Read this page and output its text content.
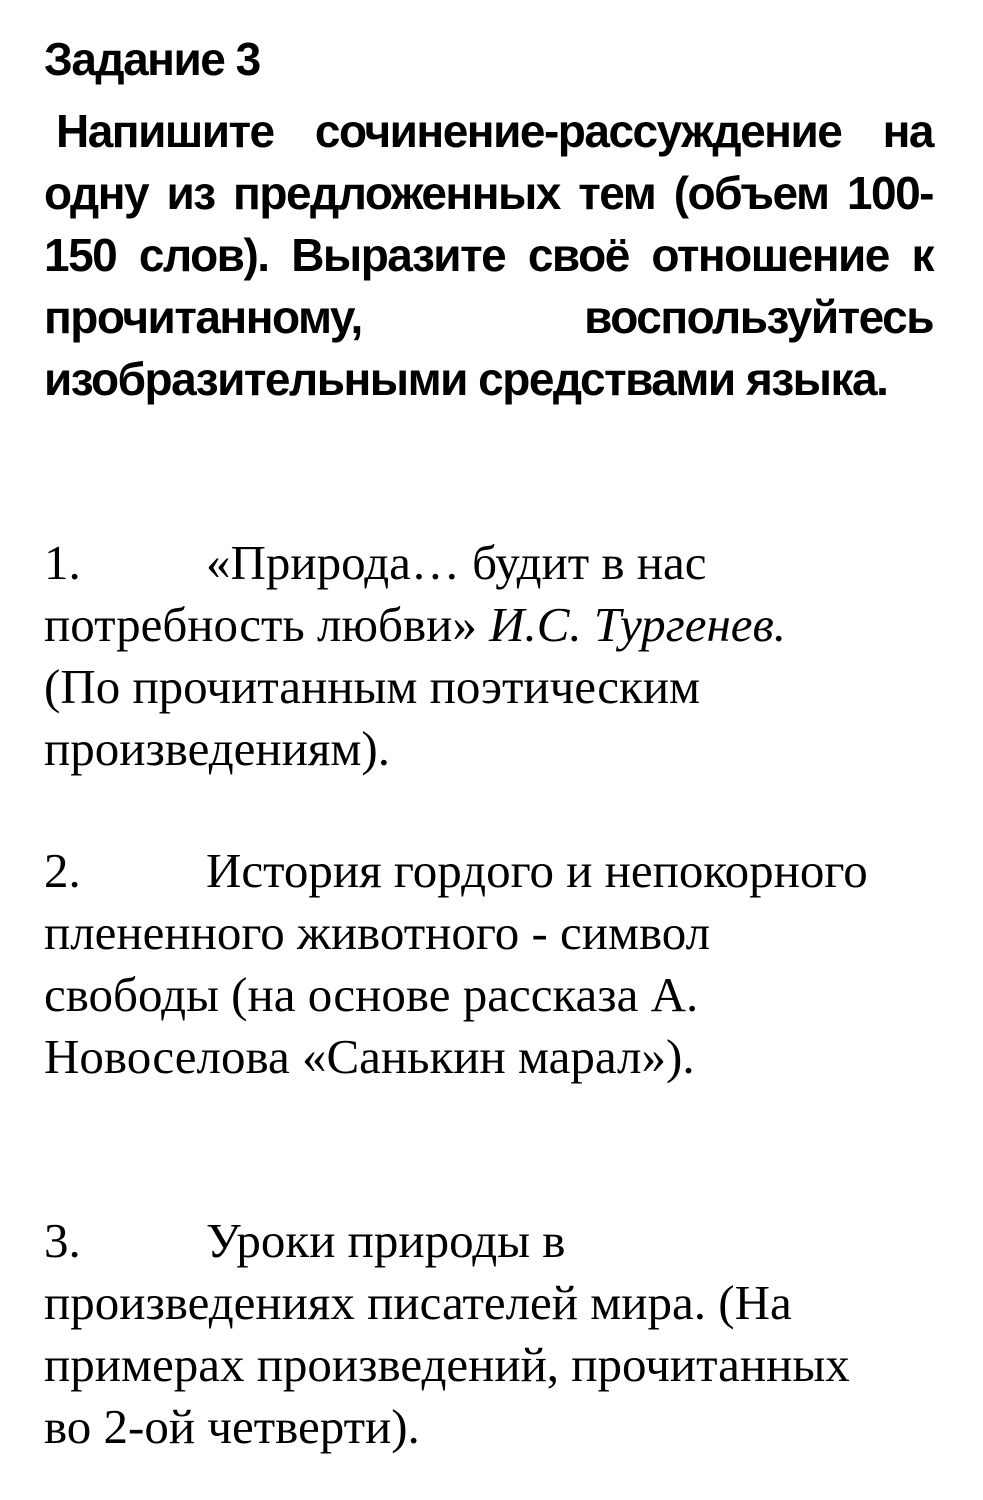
Задание 3

Напишите сочинение-рассуждение на одну из предложенных тем (объем 100-150 слов). Выразите своё отношение к прочитанному, воспользуйтесь изобразительными средствами языка.

1.	«Природа… будит в нас
потребность любви» И.С. Тургенев.
(По прочитанным поэтическим
произведениям).

2.	История гордого и непокорного
плененного животного - символ
свободы (на основе рассказа А.
Новоселова «Санькин марал»).

3.	Уроки природы в
произведениях писателей мира. (На
примерах произведений, прочитанных
во 2-ой четверти).
